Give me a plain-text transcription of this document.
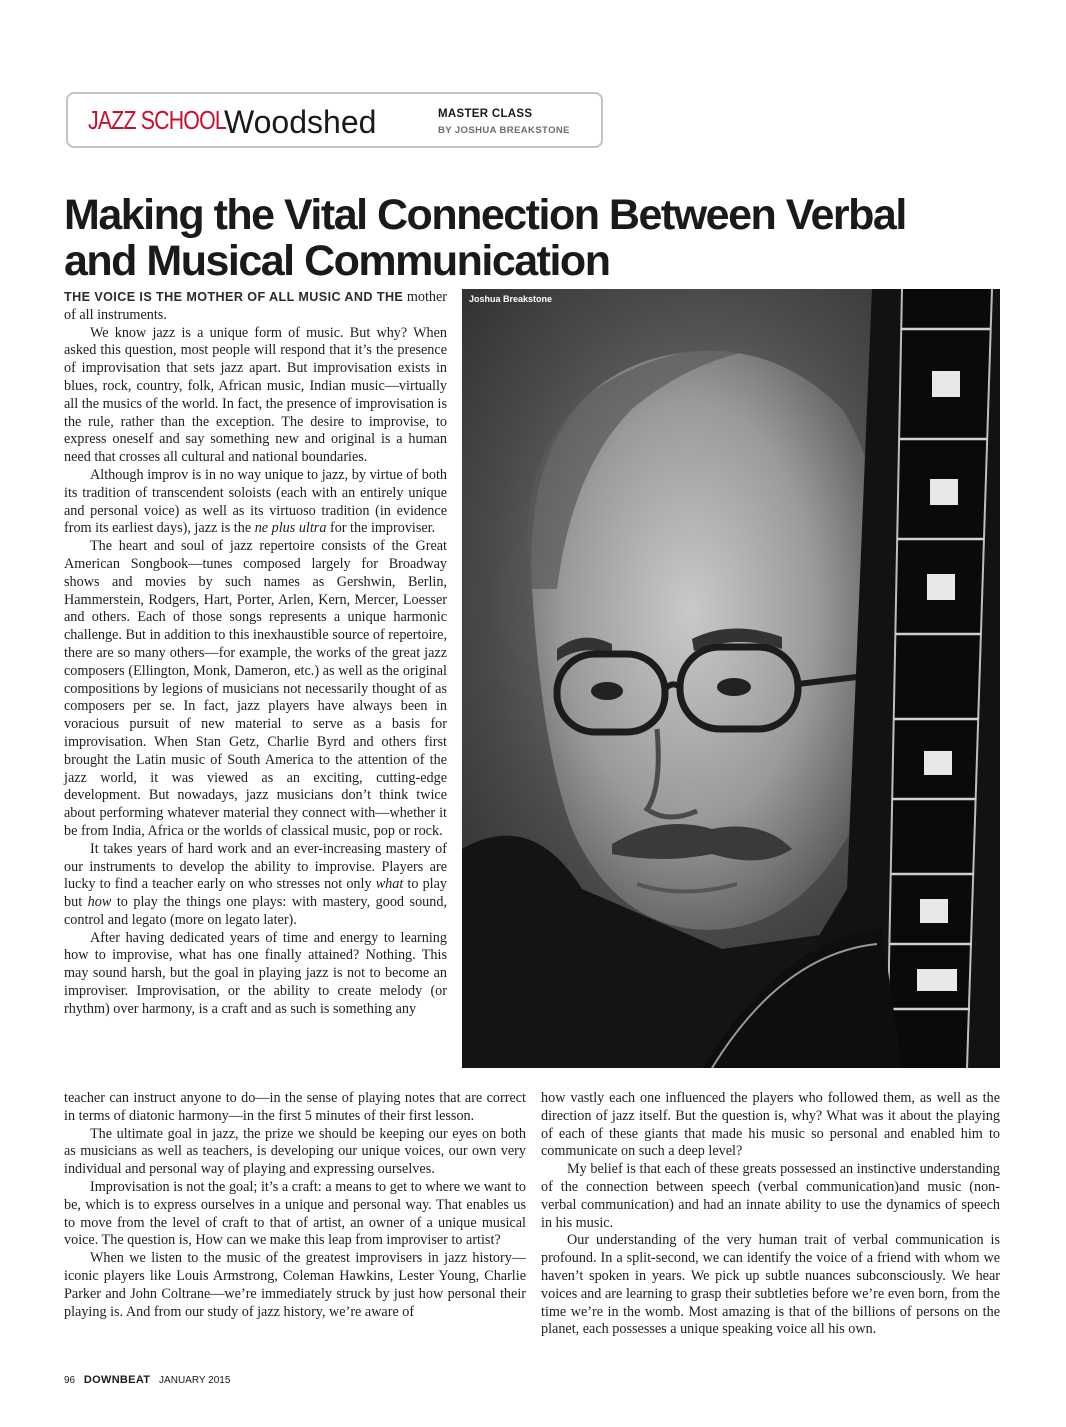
JAZZ SCHOOL
Woodshed	MASTER CLASS
BY JOSHUA BREAKSTONE
Making the Vital Connection Between Verbal and Musical Communication

THE VOICE IS THE MOTHER OF ALL MUSIC AND THE mother of all instruments.

We know jazz is a unique form of music. But why? When asked this question, most people will respond that it’s the presence of improvisation that sets jazz apart. But improvisation exists in blues, rock, country, folk, African music, Indian music—virtually all the musics of the world. In fact, the presence of improvisation is the rule, rather than the exception. The desire to improvise, to express oneself and say something new and original is a human need that crosses all cultural and national boundaries.

Although improv is in no way unique to jazz, by virtue of both its tradition of transcendent soloists (each with an entirely unique and personal voice) as well as its virtuoso tradition (in evidence from its earliest days), jazz is the ne plus ultra for the improviser.

The heart and soul of jazz repertoire consists of the Great American Songbook—tunes composed largely for Broadway shows and movies by such names as Gershwin, Berlin, Hammerstein, Rodgers, Hart, Porter, Arlen, Kern, Mercer, Loesser and others. Each of those songs represents a unique harmonic challenge. But in addition to this inexhaustible source of repertoire, there are so many others—for example, the works of the great jazz composers (Ellington, Monk, Dameron, etc.) as well as the original compositions by legions of musicians not necessarily thought of as composers per se. In fact, jazz players have always been in voracious pursuit of new material to serve as a basis for improvisation. When Stan Getz, Charlie Byrd and others first brought the Latin music of South America to the attention of the jazz world, it was viewed as an exciting, cutting-edge development. But nowadays, jazz musicians don’t think twice about performing whatever material they connect with—whether it be from India, Africa or the worlds of classical music, pop or rock.

It takes years of hard work and an ever-increasing mastery of our instruments to develop the ability to improvise. Players are lucky to find a teacher early on who stresses not only what to play but how to play the things one plays: with mastery, good sound, control and legato (more on legato later).

After having dedicated years of time and energy to learning how to improvise, what has one finally attained? Nothing. This may sound harsh, but the goal in playing jazz is not to become an improviser. Improvisation, or the ability to create melody (or rhythm) over harmony, is a craft and as such is something any

Joshua Breakstone

teacher can instruct anyone to do—in the sense of playing notes that are correct in terms of diatonic harmony—in the first 5 minutes of their first lesson.

The ultimate goal in jazz, the prize we should be keeping our eyes on both as musicians as well as teachers, is developing our unique voices, our own very individual and personal way of playing and expressing ourselves.

Improvisation is not the goal; it’s a craft: a means to get to where we want to be, which is to express ourselves in a unique and personal way. That enables us to move from the level of craft to that of artist, an owner of a unique musical voice. The question is, How can we make this leap from improviser to artist?

When we listen to the music of the greatest improvisers in jazz history—iconic players like Louis Armstrong, Coleman Hawkins, Lester Young, Charlie Parker and John Coltrane—we’re immediately struck by just how personal their playing is. And from our study of jazz history, we’re aware of

how vastly each one influenced the players who followed them, as well as the direction of jazz itself. But the question is, why? What was it about the playing of each of these giants that made his music so personal and enabled him to communicate on such a deep level?

My belief is that each of these greats possessed an instinctive understanding of the connection between speech (verbal communication)and music (non-verbal communication) and had an innate ability to use the dynamics of speech in his music.

Our understanding of the very human trait of verbal communication is profound. In a split-second, we can identify the voice of a friend with whom we haven’t spoken in years. We pick up subtle nuances subconsciously. We hear voices and are learning to grasp their subtleties before we’re even born, from the time we’re in the womb. Most amazing is that of the billions of persons on the planet, each possesses a unique speaking voice all his own.

96 DOWNBEAT JANUARY 2015
